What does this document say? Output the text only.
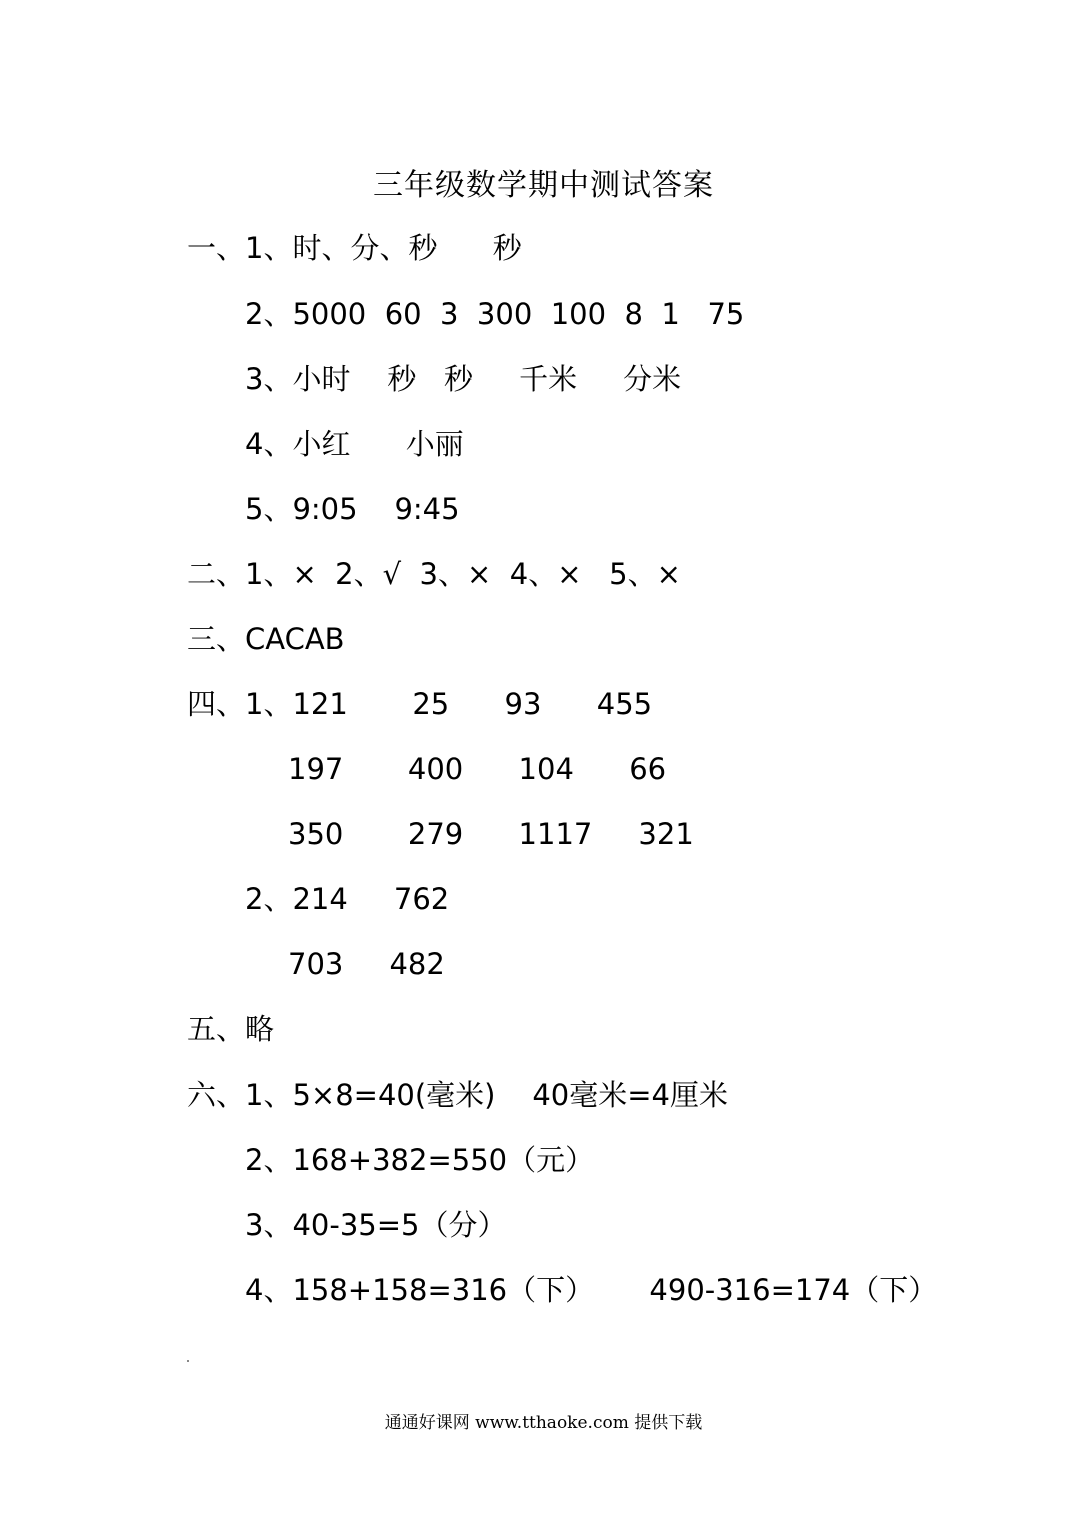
三年级数学期中测试答案
一、1、时、分、秒      秒
2、5000  60  3  300  100  8  1   75
3、小时    秒   秒     千米     分米
4、小红      小丽
5、9:05    9:45
二、1、×  2、√  3、×  4、×   5、×
三、CACAB
四、1、121       25      93      455
197       400      104      66
350       279      1117     321
2、214     762
703     482
五、略
六、1、5×8=40(毫米)    40毫米=4厘米
2、168+382=550（元）
3、40-35=5（分）
4、158+158=316（下）      490-316=174（下）
通通好课网 www.tthaoke.com 提供下载
